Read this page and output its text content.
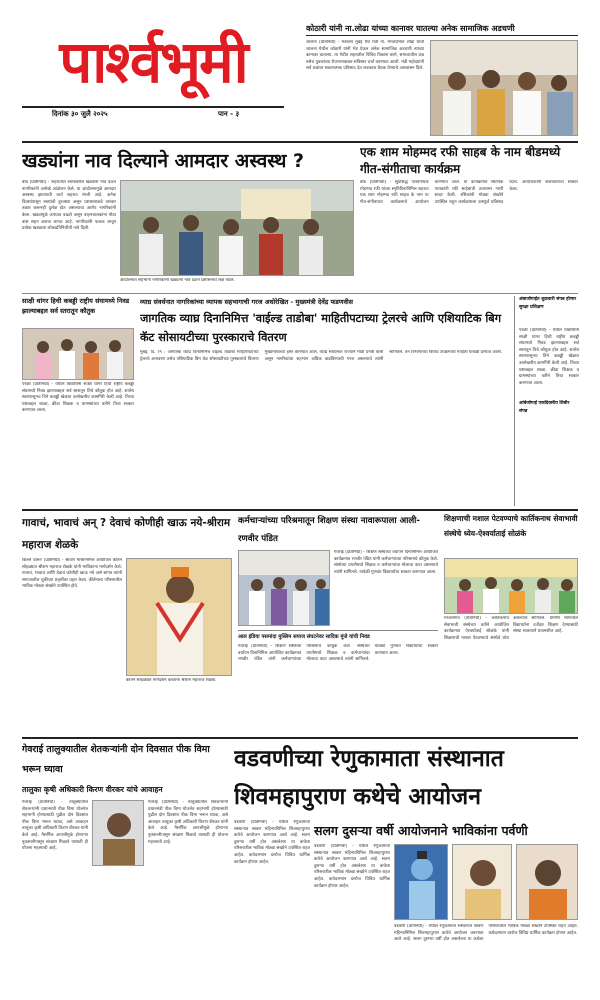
पार्श्वभूमी
दिनांक ३० जुलै २०२५	पान - ३
कोठारी यांनी ना.लोढा यांच्या कानावर घातल्या अनेक सामाजिक अडचणी
जालना (प्रतिनिधी) - मंत्रालय मुंबई येथे मंत्री ना. मंगलप्रभात लोढा यांची जालना येथील कोठारी यांनी भेट घेऊन अनेक सामाजिक अडचणी त्यांच्या कानावर घातल्या. या भेटीत शहरातील विविध विकास कामे, समाजातील प्रश्न तसेच युवकांच्या रोजगाराबाबत सविस्तर चर्चा करण्यात आली. मंत्री महोदयांनी सर्व प्रश्नांवर सकारात्मक प्रतिसाद देत लवकरच बैठक घेण्याचे आश्वासन दिले.
खड्यांना नाव दिल्याने आमदार अस्वस्थ ?
बीड (प्रतिनिधी) - शहरातील रस्त्यांवरील खड्यांना नाव देऊन नागरिकांनी अनोखे आंदोलन केले. या आंदोलनामुळे आमदार अस्वस्थ झाल्याची चर्चा शहरात रंगली आहे. अनेक दिवसांपासून रस्त्यांची दुरवस्था असून प्रशासनाकडे वारंवार तक्रार करूनही दुर्लक्ष होत असल्याचा आरोप नागरिकांनी केला. खड्यांमुळे अपघात वाढले असून वाहनचालकांना मोठा त्रास सहन करावा लागत आहे. नागरिकांनी फलक लावून प्रत्येक खड्याला लोकप्रतिनिधींची नावे दिली.
आंदोलनात सहभागी नागरिकांनी खड्यांना नावे देऊन प्रशासनाचे लक्ष वेधले.
एक शाम मोहम्मद रफी साहब के नाम बीडमध्ये गीत-संगीताचा कार्यक्रम
बीड (प्रतिनिधी) - सुप्रसिद्ध पार्श्वगायक मोहम्मद रफी यांच्या स्मृतिदिनानिमित्त शहरात एक शाम मोहम्मद रफी साहब के नाम या गीत-संगीताच्या कार्यक्रमाचे आयोजन करण्यात आले. या कार्यक्रमात स्थानिक गायकांनी रफी साहेबांची अजरामर गाणी सादर केली. रसिकांनी मोठ्या संख्येने उपस्थित राहून कार्यक्रमाला उत्स्फूर्त प्रतिसाद दिला. आयोजकांनी कलाकारांचा सत्कार केला.
साक्षी थांगर हिची कबड्डी राष्ट्रीय संघामध्ये निवड झाल्याबद्दल सर्व स्तरातून कौतुक
परळी (प्रतिनिधी) - येथील विद्यार्थिनी साक्षी थांगर हिची राष्ट्रीय कबड्डी संघामध्ये निवड झाल्याबद्दल सर्व स्तरातून तिचे कौतुक होत आहे. शालेय स्तरापासूनच तिने कबड्डी खेळात उल्लेखनीय कामगिरी केली आहे. तिच्या यशाबद्दल शाळा, क्रीडा शिक्षक व ग्रामस्थांच्या वतीने तिचा सत्कार करण्यात आला.
व्याघ्र संवर्धनात नागरिकांच्या व्यापक सहभागाची गरज अधोरेखित - मुख्यमंत्री देवेंद्र फडणवीस
जागतिक व्याघ्र दिनानिमित्त 'वाईल्ड ताडोबा' माहितीपटाच्या ट्रेलरचे आणि एशियाटिक बिग कॅट सोसायटीच्या पुरस्काराचे वितरण
मुंबई, दि. २९ : जागतिक व्याघ्र दिनानिमित्त वाईल्ड ताडोबा माहितीपटाच्या ट्रेलरचे अनावरण तसेच एशियाटिक बिग कॅट सोसायटीच्या पुरस्कारांचे वितरण मुख्यमंत्र्यांच्या हस्ते करण्यात आले. व्याघ्र संवर्धनात राज्याने मोठी प्रगती केली असून नागरिकांचा सहभाग अधिक वाढविण्याची गरज असल्याचे त्यांनी सांगितले. वन विभागाच्या विविध उपक्रमांची माहिती यावेळी देण्यात आली.
अंबाजोगाईत शुक्रवारी संपन्न होणार सुरक्षा प्रशिक्षण
परळी (प्रतिनिधी) - येथील विद्यार्थिनी साक्षी थांगर हिची राष्ट्रीय कबड्डी संघामध्ये निवड झाल्याबद्दल सर्व स्तरातून तिचे कौतुक होत आहे. शालेय स्तरापासूनच तिने कबड्डी खेळात उल्लेखनीय कामगिरी केली आहे. तिच्या यशाबद्दल शाळा, क्रीडा शिक्षक व ग्रामस्थांच्या वतीने तिचा सत्कार करण्यात आला.
आंबेजोगाई एकदिवसीय शिबीर संपन्न
गावाचं, भावाचं अन् ? देवाचं कोणीही खाऊ नये-श्रीराम महाराज शेळके
किल्ले धारूर (प्रतिनिधी) - श्रावण मासानिमित्त आयोजित कीर्तन सोहळ्यात श्रीराम महाराज शेळके यांनी भाविकांना मार्गदर्शन केले. गावाचं, भावाचं आणि देवाचं कोणीही खाऊ नये असे सांगत त्यांनी समाजातील चुकीच्या प्रवृत्तींवर प्रहार केला. कीर्तनाला परिसरातील भाविक मोठ्या संख्येने उपस्थित होते.
कीर्तन सोहळ्यात मार्गदर्शन करताना श्रीराम महाराज शेळके.
कर्मचाऱ्यांच्या परिश्रमातून शिक्षण संस्था नावारूपाला आली-रणवीर पंडित
गेवराई (प्रतिनिधी) - शिक्षण संस्थेच्या वर्धापन दिनानिमित्त आयोजित कार्यक्रमात रणवीर पंडित यांनी कर्मचाऱ्यांच्या परिश्रमाचे कौतुक केले. संस्थेच्या प्रगतीमध्ये शिक्षक व कर्मचाऱ्यांचा मोलाचा वाटा असल्याचे त्यांनी सांगितले. यावेळी गुणवंत विद्यार्थ्यांचा सत्कार करण्यात आला.
आल इंडिया पसमांदा मुस्लिम समाज संघटनेवर सादिक मुंजे यांची निवड
गेवराई (प्रतिनिधी) - शिक्षण संस्थेच्या वर्धापन दिनानिमित्त आयोजित कार्यक्रमात रणवीर पंडित यांनी कर्मचाऱ्यांच्या परिश्रमाचे कौतुक केले. संस्थेच्या प्रगतीमध्ये शिक्षक व कर्मचाऱ्यांचा मोलाचा वाटा असल्याचे त्यांनी सांगितले. यावेळी गुणवंत विद्यार्थ्यांचा सत्कार करण्यात आला.
शिक्षणाची मशाल पेटवण्याचे कार्तिकनाथ सेवाभावी संस्थेचे ध्येय-ऐश्वर्याताई सोळंके
माजलगाव (प्रतिनिधी) - कार्तिकनाथ सेवाभावी संस्थेच्या वतीने आयोजित कार्यक्रमात ऐश्वर्याताई सोळंके यांनी शिक्षणाची मशाल पेटवण्याचे संस्थेचे ध्येय असल्याचे सांगितले. ग्रामीण भागातील विद्यार्थ्यांना दर्जेदार शिक्षण देण्यासाठी संस्था सातत्याने प्रयत्नशील आहे.
गेवराई तालुक्यातील शेतकऱ्यांनी दोन दिवसात पीक विमा भरून घ्यावा
तालुका कृषी अधिकारी किरण वीरकर यांचे आवाहन
गेवराई (प्रतिनिधी) - तालुक्यातील शेतकऱ्यांनी प्रधानमंत्री पीक विमा योजनेत सहभागी होण्यासाठी पुढील दोन दिवसांत पीक विमा भरून घ्यावा, असे आवाहन तालुका कृषी अधिकारी किरण वीरकर यांनी केले आहे. नैसर्गिक आपत्तीमुळे होणाऱ्या नुकसानीपासून संरक्षण मिळावे यासाठी ही योजना महत्त्वाची आहे.
गेवराई (प्रतिनिधी) - तालुक्यातील शेतकऱ्यांनी प्रधानमंत्री पीक विमा योजनेत सहभागी होण्यासाठी पुढील दोन दिवसांत पीक विमा भरून घ्यावा, असे आवाहन तालुका कृषी अधिकारी किरण वीरकर यांनी केले आहे. नैसर्गिक आपत्तीमुळे होणाऱ्या नुकसानीपासून संरक्षण मिळावे यासाठी ही योजना महत्त्वाची आहे.
वडवणीच्या रेणुकामाता संस्थानात शिवमहापुराण कथेचे आयोजन
सलग दुसऱ्या वर्षी आयोजनाने भाविकांना पर्वणी
वडवणी (प्रतिनिधी) - येथील रेणुकामाता संस्थानात श्रावण महिन्यानिमित्त शिवमहापुराण कथेचे आयोजन करण्यात आले आहे. सलग दुसऱ्या वर्षी होत असलेल्या या कथेला परिसरातील भाविक मोठ्या संख्येने उपस्थित राहत आहेत. कथेदरम्यान दररोज विविध धार्मिक कार्यक्रम होणार आहेत.
वडवणी (प्रतिनिधी) - येथील रेणुकामाता संस्थानात श्रावण महिन्यानिमित्त शिवमहापुराण कथेचे आयोजन करण्यात आले आहे. सलग दुसऱ्या वर्षी होत असलेल्या या कथेला परिसरातील भाविक मोठ्या संख्येने उपस्थित राहत आहेत. कथेदरम्यान दररोज विविध धार्मिक कार्यक्रम होणार आहेत.
वडवणी (प्रतिनिधी) - येथील रेणुकामाता संस्थानात श्रावण महिन्यानिमित्त शिवमहापुराण कथेचे आयोजन करण्यात आले आहे. सलग दुसऱ्या वर्षी होत असलेल्या या कथेला परिसरातील भाविक मोठ्या संख्येने उपस्थित राहत आहेत. कथेदरम्यान दररोज विविध धार्मिक कार्यक्रम होणार आहेत.
